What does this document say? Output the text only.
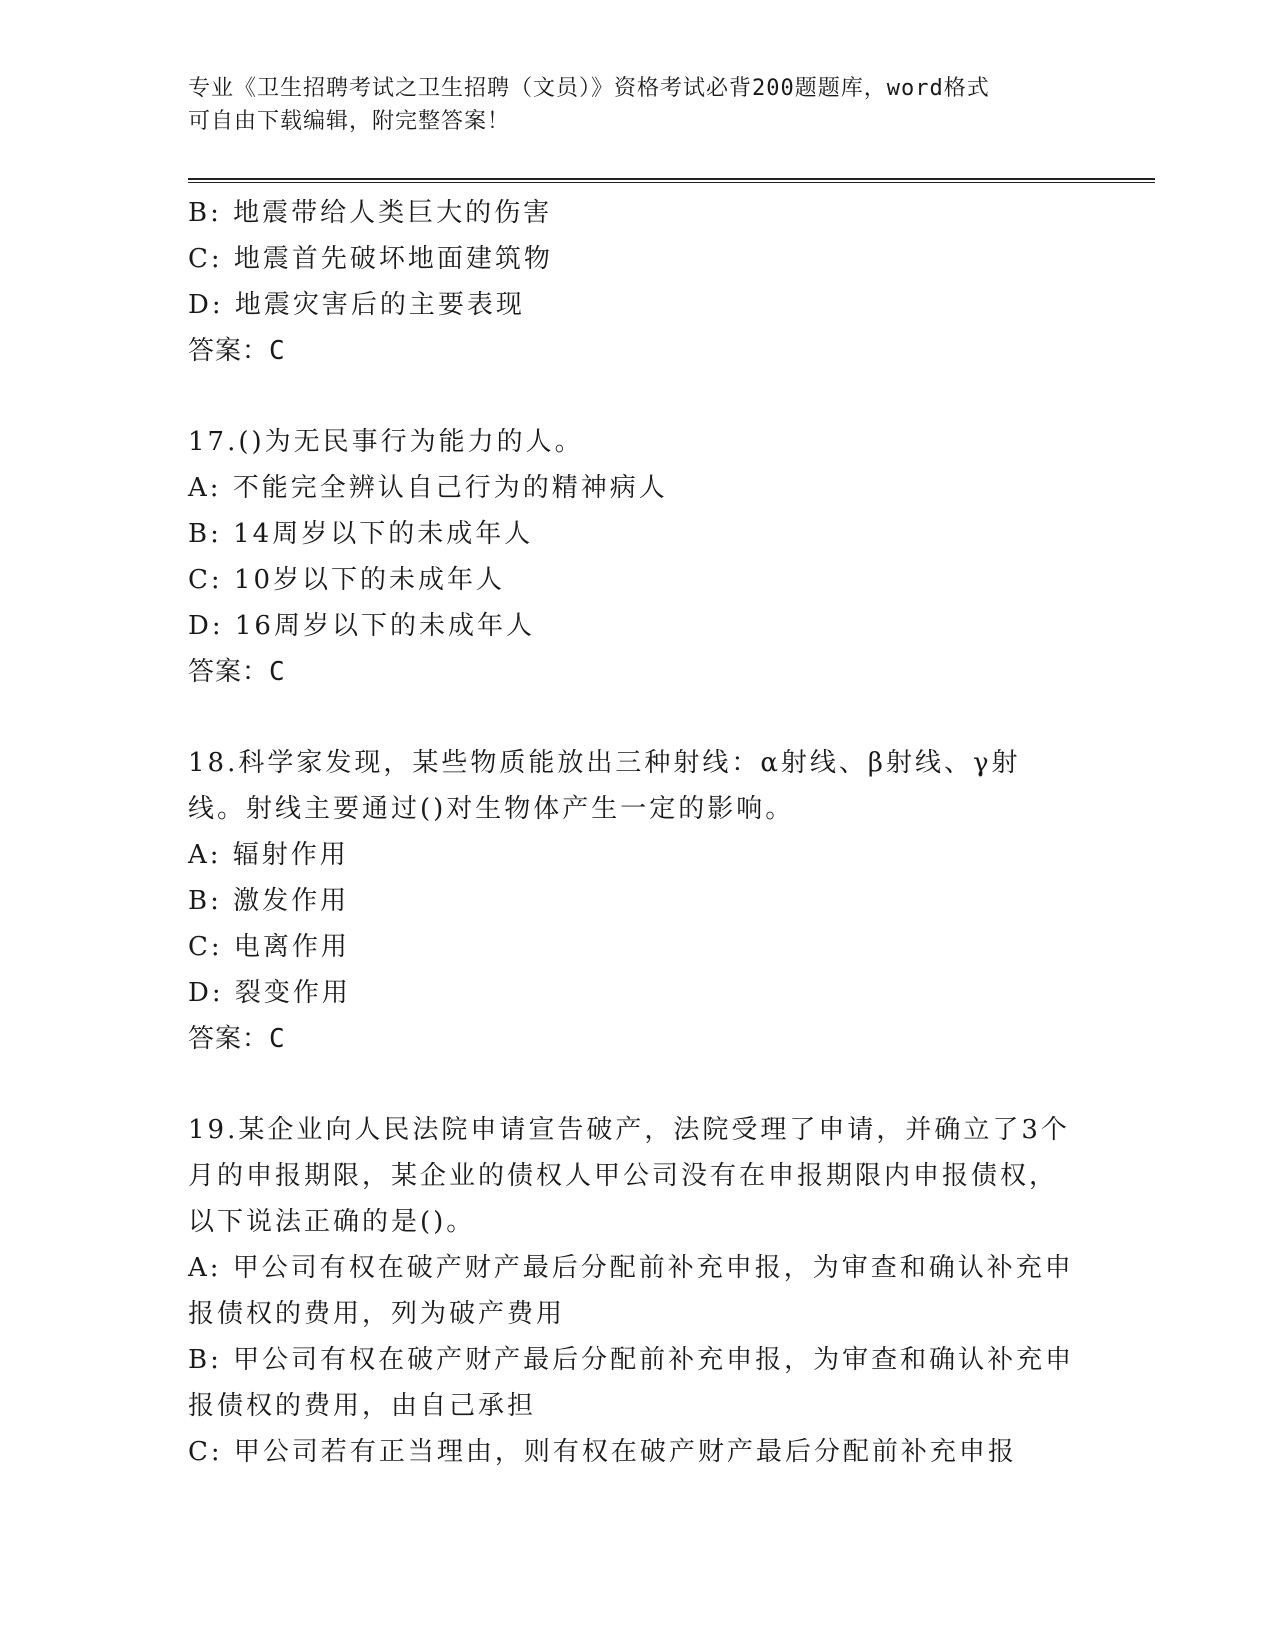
专业《卫生招聘考试之卫生招聘（文员）》资格考试必背200题题库，word格式
可自由下载编辑，附完整答案！
B: 地震带给人类巨大的伤害
C: 地震首先破坏地面建筑物
D: 地震灾害后的主要表现
答案：C
17.()为无民事行为能力的人。
A: 不能完全辨认自己行为的精神病人
B: 14周岁以下的未成年人
C: 10岁以下的未成年人
D: 16周岁以下的未成年人
答案：C
18.科学家发现，某些物质能放出三种射线：α射线、β射线、γ射
线。射线主要通过()对生物体产生一定的影响。
A: 辐射作用
B: 激发作用
C: 电离作用
D: 裂变作用
答案：C
19.某企业向人民法院申请宣告破产，法院受理了申请，并确立了3个
月的申报期限，某企业的债权人甲公司没有在申报期限内申报债权，
以下说法正确的是()。
A: 甲公司有权在破产财产最后分配前补充申报，为审查和确认补充申
报债权的费用，列为破产费用
B: 甲公司有权在破产财产最后分配前补充申报，为审查和确认补充申
报债权的费用，由自己承担
C: 甲公司若有正当理由，则有权在破产财产最后分配前补充申报
